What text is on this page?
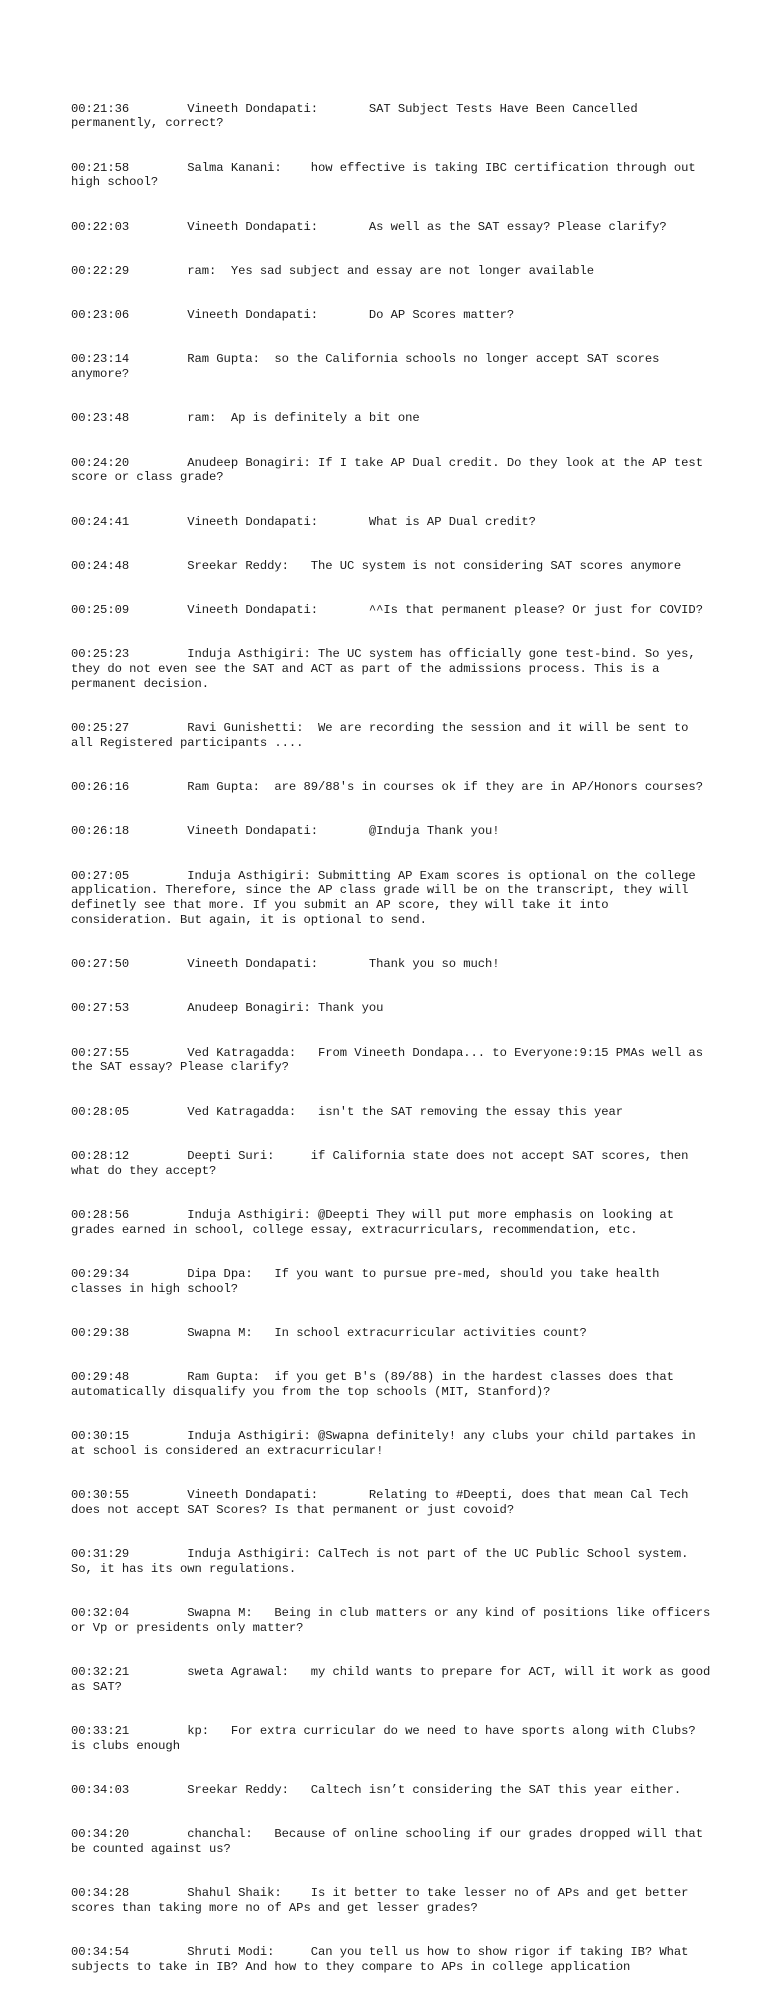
00:21:36	Vineeth Dondapati:	SAT Subject Tests Have Been Cancelled permanently, correct?

00:21:58	Salma Kanani:	how effective is taking IBC certification through out high school?

00:22:03	Vineeth Dondapati:	As well as the SAT essay? Please clarify?

00:22:29	ram:  Yes sad subject and essay are not longer available

00:23:06	Vineeth Dondapati:	Do AP Scores matter?

00:23:14	Ram Gupta:  so the California schools no longer accept SAT scores anymore?

00:23:48	ram:  Ap is definitely a bit one

00:24:20	Anudeep Bonagiri: If I take AP Dual credit. Do they look at the AP test score or class grade?

00:24:41	Vineeth Dondapati:	What is AP Dual credit?

00:24:48	Sreekar Reddy:	The UC system is not considering SAT scores anymore

00:25:09	Vineeth Dondapati:	^^Is that permanent please? Or just for COVID?

00:25:23	Induja Asthigiri: The UC system has officially gone test-bind. So yes, they do not even see the SAT and ACT as part of the admissions process. This is a permanent decision.

00:25:27	Ravi Gunishetti:  We are recording the session and it will be sent to all Registered participants ....

00:26:16	Ram Gupta:  are 89/88's in courses ok if they are in AP/Honors courses?

00:26:18	Vineeth Dondapati:	@Induja Thank you!

00:27:05	Induja Asthigiri: Submitting AP Exam scores is optional on the college application. Therefore, since the AP class grade will be on the transcript, they will definetly see that more. If you submit an AP score, they will take it into consideration. But again, it is optional to send.

00:27:50	Vineeth Dondapati:	Thank you so much!

00:27:53	Anudeep Bonagiri: Thank you

00:27:55	Ved Katragadda:   From Vineeth Dondapa... to Everyone:9:15 PMAs well as the SAT essay? Please clarify?

00:28:05	Ved Katragadda:   isn't the SAT removing the essay this year

00:28:12	Deepti Suri:	if California state does not accept SAT scores, then what do they accept?

00:28:56	Induja Asthigiri: @Deepti They will put more emphasis on looking at grades earned in school, college essay, extracurriculars, recommendation, etc.

00:29:34	Dipa Dpa:   If you want to pursue pre-med, should you take health classes in high school?

00:29:38	Swapna M:   In school extracurricular activities count?

00:29:48	Ram Gupta:  if you get B's (89/88) in the hardest classes does that automatically disqualify you from the top schools (MIT, Stanford)?

00:30:15	Induja Asthigiri: @Swapna definitely! any clubs your child partakes in at school is considered an extracurricular!

00:30:55	Vineeth Dondapati:	Relating to #Deepti, does that mean Cal Tech does not accept SAT Scores? Is that permanent or just covoid?

00:31:29	Induja Asthigiri: CalTech is not part of the UC Public School system. So, it has its own regulations.

00:32:04	Swapna M:   Being in club matters or any kind of positions like officers or Vp or presidents only matter?

00:32:21	sweta Agrawal:	my child wants to prepare for ACT, will it work as good as SAT?

00:33:21	kp:   For extra curricular do we need to have sports along with Clubs? is clubs enough

00:34:03	Sreekar Reddy:	Caltech isn’t considering the SAT this year either.

00:34:20	chanchal:   Because of online schooling if our grades dropped will that be counted against us?

00:34:28	Shahul Shaik:	Is it better to take lesser no of APs and get better scores than taking more no of APs and get lesser grades?

00:34:54	Shruti Modi:	Can you tell us how to show rigor if taking IB? What subjects to take in IB? And how to they compare to APs in college application
